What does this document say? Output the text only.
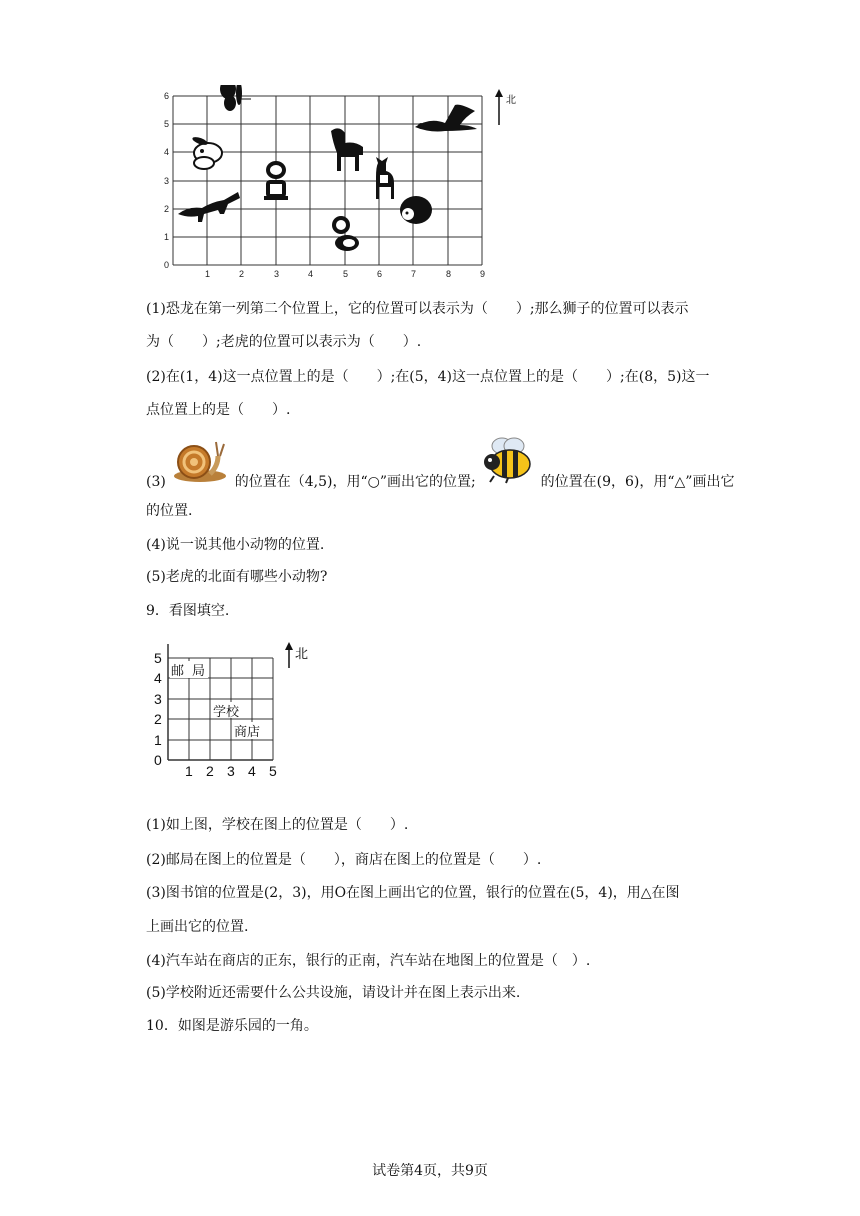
0
1
2
3
4
5
6
1	2	3	4	5	6	7	8	9
北
(1)恐龙在第一列第二个位置上，它的位置可以表示为（　　）;那么狮子的位置可以表示
为（　　）;老虎的位置可以表示为（　　）.
(2)在(1，4)这一点位置上的是（　　）;在(5，4)这一点位置上的是（　　）;在(8，5)这一
点位置上的是（　　）.
(3)	的位置在（4,5)，用“○”画出它的位置;	的位置在(9，6)，用“△”画出它
的位置.
(4)说一说其他小动物的位置.
(5)老虎的北面有哪些小动物?
9．看图填空.
0
1
2
3
4
5
1 2 3 4 5
邮 局
学校
商店
北
(1)如上图，学校在图上的位置是（　　）.
(2)邮局在图上的位置是（　　），商店在图上的位置是（　　）.
(3)图书馆的位置是(2，3)，用O在图上画出它的位置，银行的位置在(5，4)，用△在图
上画出它的位置.
(4)汽车站在商店的正东，银行的正南，汽车站在地图上的位置是（　）.
(5)学校附近还需要什么公共设施，请设计并在图上表示出来.
10．如图是游乐园的一角。
试卷第4页，共9页
